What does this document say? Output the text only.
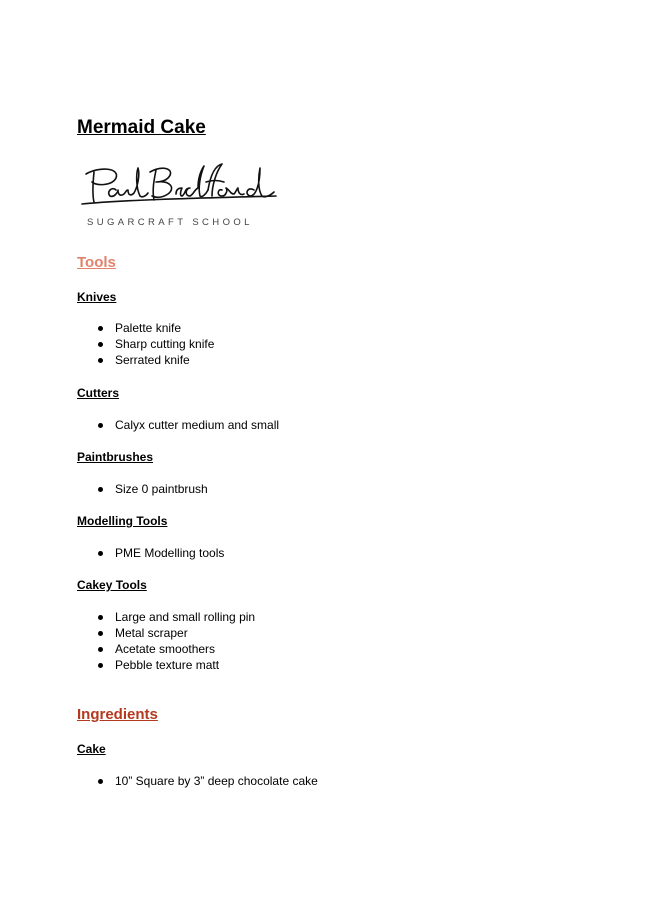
Mermaid Cake
SUGARCRAFT SCHOOL
Tools
Knives
Palette knife
Sharp cutting knife
Serrated knife
Cutters
Calyx cutter medium and small
Paintbrushes
Size 0 paintbrush
Modelling Tools
PME Modelling tools
Cakey Tools
Large and small rolling pin
Metal scraper
Acetate smoothers
Pebble texture matt
Ingredients
Cake
10” Square by 3” deep chocolate cake
